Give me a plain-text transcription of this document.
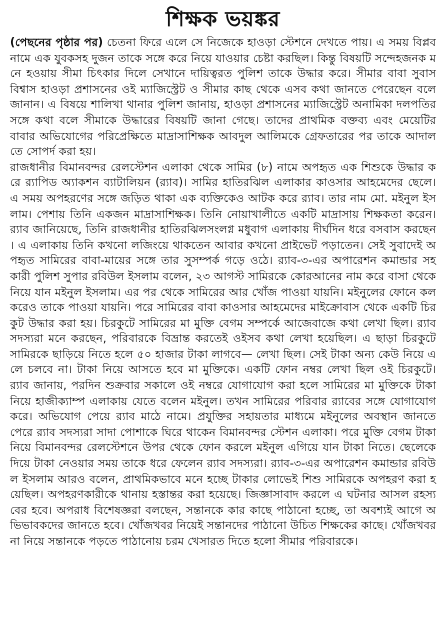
শিক্ষক ভয়ঙ্কর

(পেছনের পৃষ্ঠার পর) চেতনা ফিরে এলে সে নিজেকে হাওড়া স্টেশনে দেখতে পায়। এ সময় বিপ্লব নামে এক যুবকসহ দুজন তাকে সঙ্গে করে নিয়ে যাওয়ার চেষ্টা করছিল। কিন্তু বিষয়টি সন্দেহজনক মনে হওয়ায় সীমা চিৎকার দিলে সেখানে দায়িত্বরত পুলিশ তাকে উদ্ধার করে। সীমার বাবা সুবাস বিশ্বাস হাওড়া প্রশাসনের ওই ম্যাজিস্ট্রেট ও সীমার কাছ থেকে এসব কথা জানতে পেরেছেন বলে জানান। এ বিষয়ে শালিখা থানার পুলিশ জানায়, হাওড়া প্রশাসনের ম্যাজিস্ট্রেট অনামিকা দলপতির সঙ্গে কথা বলে সীমাকে উদ্ধারের বিষয়টি জানা গেছে। তাদের প্রাথমিক বক্তব্য এবং মেয়েটির বাবার অভিযোগের পরিপ্রেক্ষিতে মাদ্রাসাশিক্ষক আবদুল আলিমকে গ্রেফতারের পর তাকে আদালতে সোপর্দ করা হয়।

রাজধানীর বিমানবন্দর রেলস্টেশন এলাকা থেকে সামির (৮) নামে অপহৃত এক শিশুকে উদ্ধার করে র‌্যাপিড অ্যাকশন ব্যাটালিয়ন (র‌্যাব)। সামির হাতিরঝিল এলাকার কাওসার আহমেদের ছেলে। এ সময় অপহরণের সঙ্গে জড়িত থাকা এক ব্যক্তিকেও আটক করে র‌্যাব। তার নাম মো. মইনুল ইসলাম। পেশায় তিনি একজন মাদ্রাসাশিক্ষক। তিনি নোয়াখালীতে একটি মাদ্রাসায় শিক্ষকতা করেন। র‌্যাব জানিয়েছে, তিনি রাজধানীর হাতিরঝিলসংলগ্ন মধুবাগ এলাকায় দীর্ঘদিন ধরে বসবাস করছেন। এ এলাকায় তিনি কখনো লজিংয়ে থাকতেন আবার কখনো প্রাইভেট পড়াতেন। সেই সুবাদেই অপহৃত সামিরের বাবা-মায়ের সঙ্গে তার সুসম্পর্ক গড়ে ওঠে। র‌্যাব-৩-এর অপারেশন কমান্ডার সহকারী পুলিশ সুপার রবিউল ইসলাম বলেন, ২৩ আগস্ট সামিরকে কোরআনের নাম করে বাসা থেকে নিয়ে যান মইনুল ইসলাম। এর পর থেকে সামিরের আর খোঁজ পাওয়া যায়নি। মইনুলের ফোনে কল করেও তাকে পাওয়া যায়নি। পরে সামিরের বাবা কাওসার আহমেদের মাইক্রোবাস থেকে একটি চিরকুট উদ্ধার করা হয়। চিরকুটে সামিরের মা মুক্তি বেগম সম্পর্কে আজেবাজে কথা লেখা ছিল। র‌্যাব সদস্যরা মনে করছেন, পরিবারকে বিভ্রান্ত করতেই ওইসব কথা লেখা হয়েছিল। এ ছাড়া চিরকুটে সামিরকে ছাড়িয়ে নিতে হলে ৫০ হাজার টাকা লাগবে— লেখা ছিল। সেই টাকা অন্য কেউ নিয়ে এলে চলবে না। টাকা নিয়ে আসতে হবে মা মুক্তিকে। একটি ফোন নম্বর লেখা ছিল ওই চিরকুটে। র‌্যাব জানায়, পরদিন শুক্রবার সকালে ওই নম্বরে যোগাযোগ করা হলে সামিরের মা মুক্তিকে টাকা নিয়ে হাজীক্যাম্প এলাকায় যেতে বলেন মইনুল। তখন সামিরের পরিবার র‌্যাবের সঙ্গে যোগাযোগ করে। অভিযোগ পেয়ে র‌্যাব মাঠে নামে। প্রযুক্তির সহায়তার মাধ্যমে মইনুলের অবস্থান জানতে পেরে র‌্যাব সদস্যরা সাদা পোশাকে ঘিরে থাকেন বিমানবন্দর স্টেশন এলাকা। পরে মুক্তি বেগম টাকা নিয়ে বিমানবন্দর রেলস্টেশনে উপর থেকে ফোন করলে মইনুল এগিয়ে যান টাকা নিতে। ছেলেকে দিয়ে টাকা নেওয়ার সময় তাকে ধরে ফেলেন র‌্যাব সদস্যরা। র‌্যাব-৩-এর অপারেশন কমান্ডার রবিউল ইসলাম আরও বলেন, প্রাথমিকভাবে মনে হচ্ছে টাকার লোভেই শিশু সামিরকে অপহরণ করা হয়েছিল। অপহরণকারীকে থানায় হস্তান্তর করা হয়েছে। জিজ্ঞাসাবাদ করলে এ ঘটনার আসল রহস্য বের হবে। অপরাধ বিশেষজ্ঞরা বলছেন, সন্তানকে কার কাছে পাঠানো হচ্ছে, তা অবশ্যই আগে অভিভাবকদের জানতে হবে। খোঁজখবর নিয়েই সন্তানদের পাঠানো উচিত শিক্ষকের কাছে। খোঁজখবর না নিয়ে সন্তানকে পড়তে পাঠানোয় চরম খেসারত দিতে হলো সীমার পরিবারকে।
